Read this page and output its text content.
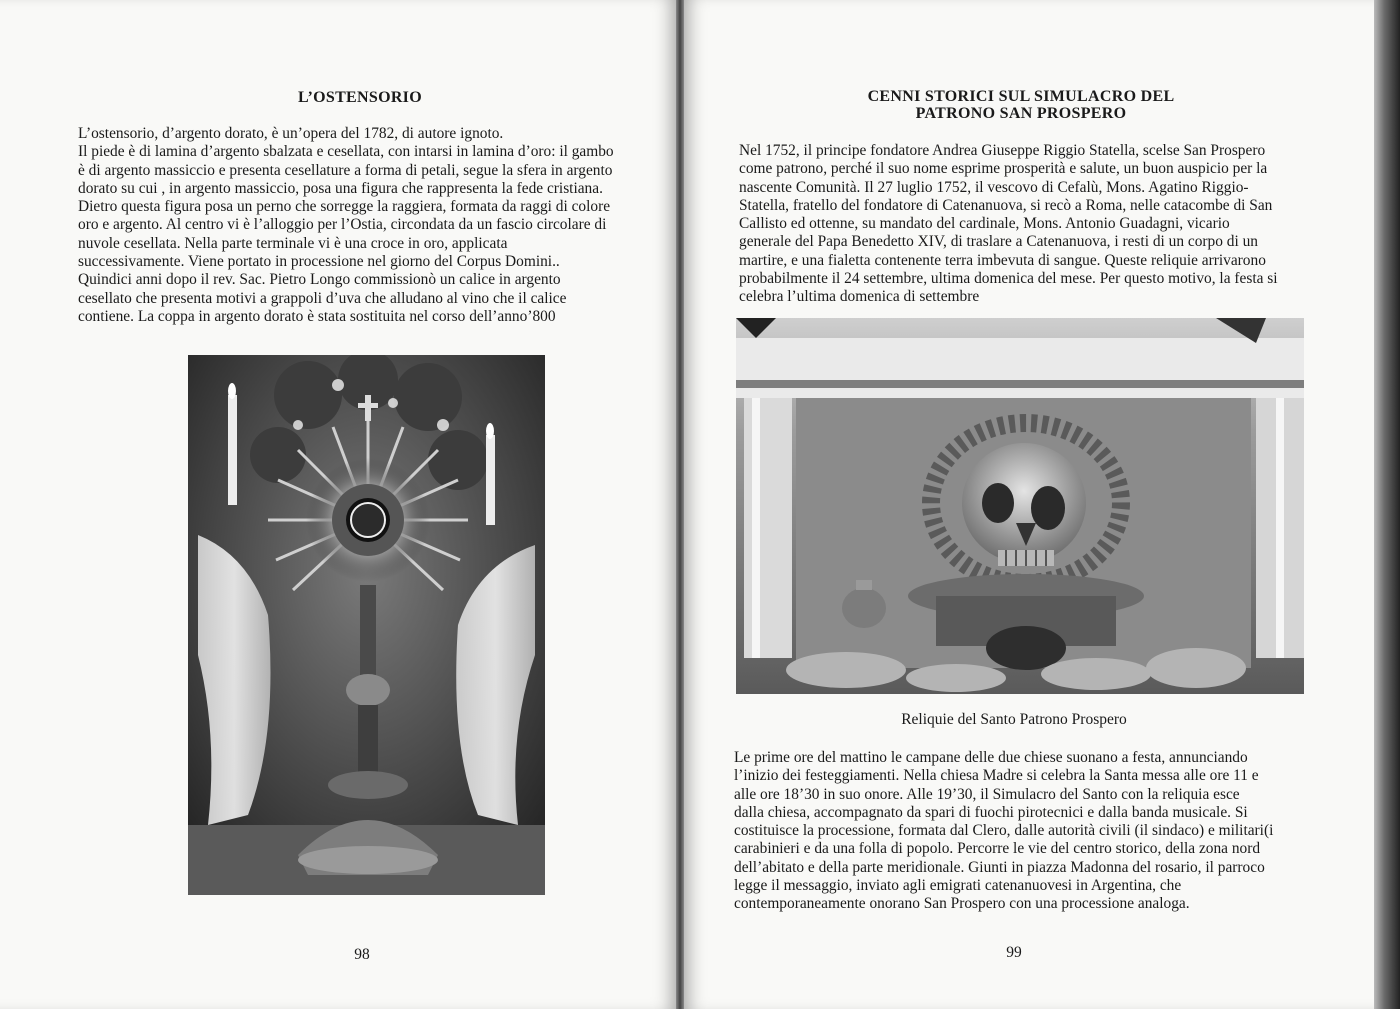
L’OSTENSORIO
L’ostensorio, d’argento dorato, è un’opera del 1782, di autore ignoto.
Il piede è di lamina d’argento sbalzata e cesellata, con intarsi in lamina d’oro: il gambo
è di argento massiccio e presenta cesellature a forma di petali, segue la sfera in argento
dorato su cui , in argento massiccio, posa una figura che rappresenta la fede cristiana.
Dietro questa figura posa un perno che sorregge la raggiera, formata da raggi di colore
oro e argento. Al centro vi è l’alloggio per l’Ostia, circondata da un fascio circolare di
nuvole cesellata. Nella parte terminale vi è una croce in oro, applicata
successivamente. Viene portato in processione nel giorno del Corpus Domini..
Quindici anni dopo il rev. Sac. Pietro Longo commissionò un calice in argento
cesellato che presenta motivi a grappoli d’uva che alludano al vino che il calice
contiene. La coppa in argento dorato è stata sostituita nel corso dell’anno’800
98
CENNI STORICI SUL SIMULACRO DEL
PATRONO SAN PROSPERO
Nel 1752, il principe fondatore Andrea Giuseppe Riggio Statella, scelse San Prospero
come patrono, perché il suo nome esprime prosperità e salute, un buon auspicio per la
nascente Comunità. Il 27 luglio 1752, il vescovo di Cefalù, Mons. Agatino Riggio-
Statella, fratello del fondatore di Catenanuova, si recò a Roma, nelle catacombe di San
Callisto ed ottenne, su mandato del cardinale, Mons. Antonio Guadagni, vicario
generale del Papa Benedetto XIV, di traslare a Catenanuova, i resti di un corpo di un
martire, e una fialetta contenente terra imbevuta di sangue. Queste reliquie arrivarono
probabilmente il 24 settembre, ultima domenica del mese. Per questo motivo, la festa si
celebra l’ultima domenica di settembre
Reliquie del Santo Patrono Prospero
Le prime ore del mattino le campane delle due chiese suonano a festa, annunciando
l’inizio dei festeggiamenti. Nella chiesa Madre si celebra la Santa messa alle ore 11 e
alle ore 18’30 in suo onore. Alle 19’30, il Simulacro del Santo con la reliquia esce
dalla chiesa, accompagnato da spari di fuochi pirotecnici e dalla banda musicale. Si
costituisce la processione, formata dal Clero, dalle autorità civili (il sindaco) e militari(i
carabinieri e da una folla di popolo. Percorre le vie del centro storico, della zona nord
dell’abitato e della parte meridionale. Giunti in piazza Madonna del rosario, il parroco
legge il messaggio, inviato agli emigrati catenanuovesi in Argentina, che
contemporaneamente onorano San Prospero con una processione analoga.
99
